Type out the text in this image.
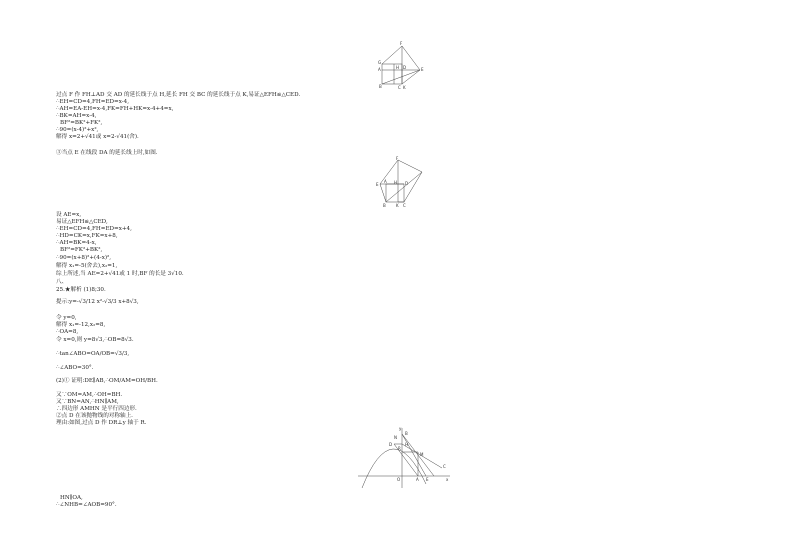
F
G
A	H D	E
B	C K
过点 F 作 FH⊥AD 交 AD 的延长线于点 H,延长 FH 交 BC 的延长线于点 K,易证△EFH≌△CED.
∴EH=CD=4,FH=ED=x-4,
∴AH=EA-EH=x-4,FK=FH+HK=x-4+4=x,
∴BK=AH=x-4,
BF²=BK²+FK²,
∴90=(x-4)²+x²,
解得 x=2+√41或 x=2-√41(舍).
③当点 E 在线段 DA 的延长线上时,如图.
F
H
E
A	D
B	K C
设 AE=x,
易证△EFH≌△CED,
∴EH=CD=4,FH=ED=x+4,
∴HD=CK=x,FK=x+8,
∴AH=BK=4-x,
BF²=FK²+BK²,
∴90=(x+8)²+(4-x)²,
解得 x₁=-5(舍去),x₂=1,
综上所述,当 AE=2+√41或 1 时,BF 的长是 3√10.
八、
25.★解析 (1)8;30.
提示:y=-√3/12 x²-√3/3 x+8√3,
令 y=0,
解得 x₁=-12,x₂=8,
∴OA=8,
令 x=0,则 y=8√3,∴OB=8√3.
∴tan∠ABO=OA/OB=√3/3,
∴∠ABO=30°.
(2)① 证明:DE∥AB,∴OM/AM=OH/BH.
又∵OM=AM,∴OH=BH.
又∵BN=AN,∴HN∥AM,
∴四边形 AMHN 是平行四边形.
②点 D 在该抛物线的对称轴上.
理由:如图,过点 D 作 DR⊥y 轴于 R.
y
B
N
H
D
R
M
C
O	A E	x
HN∥OA,
∴∠NHB=∠AOB=90°.
